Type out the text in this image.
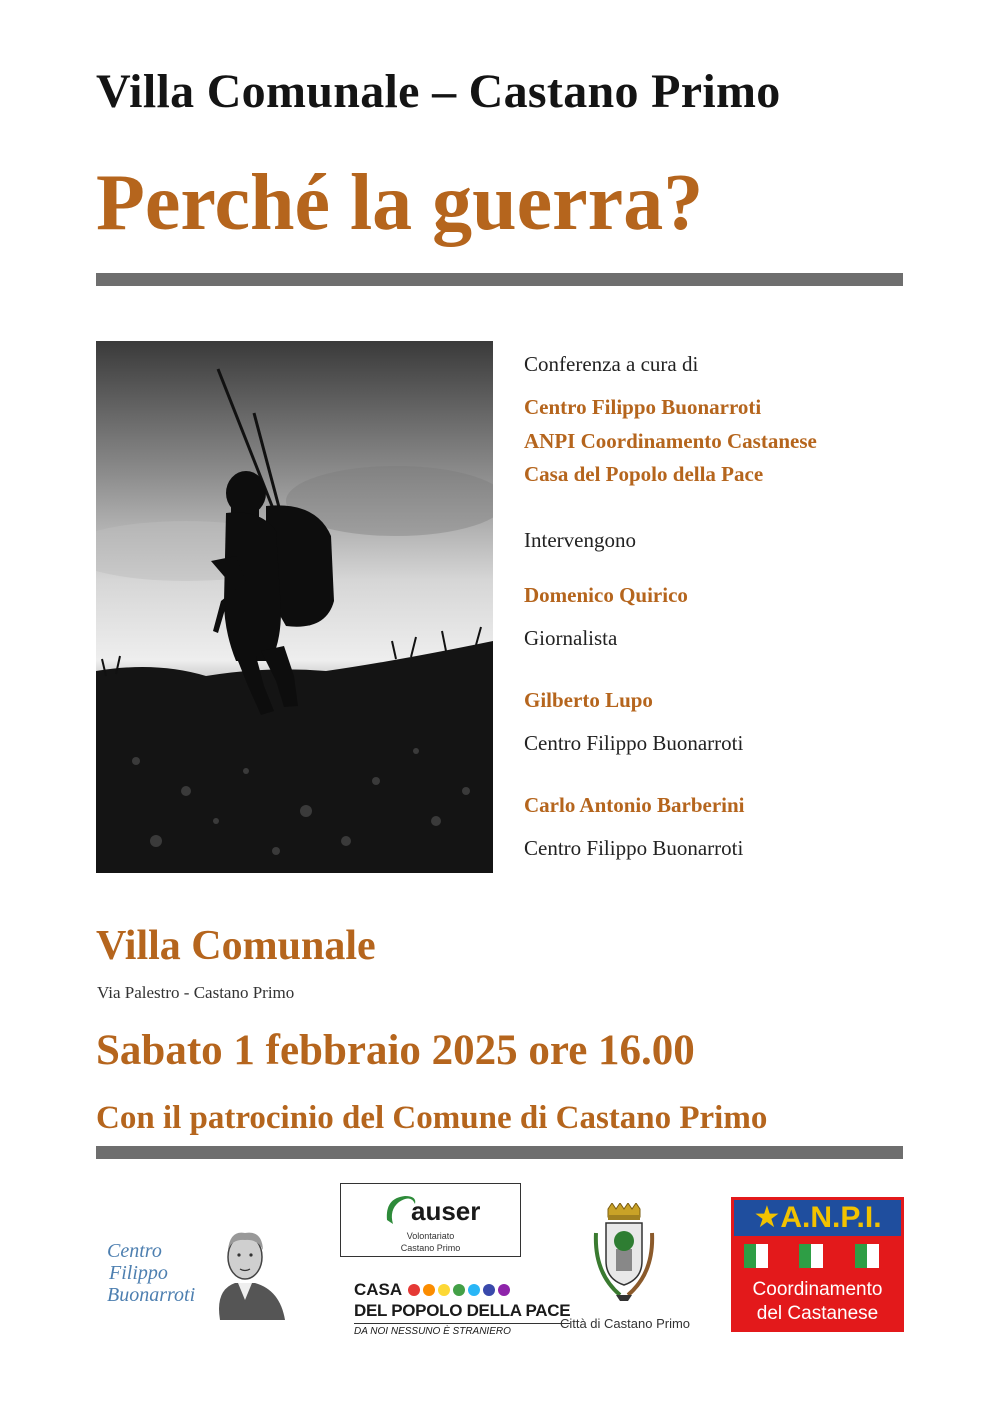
Villa Comunale – Castano Primo
Perché la guerra?
Conferenza a cura di
Centro Filippo Buonarroti
ANPI Coordinamento Castanese
Casa del Popolo della Pace
Intervengono
Domenico Quirico
Giornalista
Gilberto Lupo
Centro Filippo Buonarroti
Carlo Antonio Barberini
Centro Filippo Buonarroti
Villa Comunale
Via Palestro - Castano Primo
Sabato 1 febbraio 2025 ore 16.00
Con il patrocinio del Comune di Castano Primo
Centro
Filippo
Buonarroti
auser
Volontariato
Castano Primo
CASA
DEL POPOLO DELLA PACE
DA NOI NESSUNO È STRANIERO
Città di Castano Primo
★A.N.P.I.
Coordinamento
del Castanese
